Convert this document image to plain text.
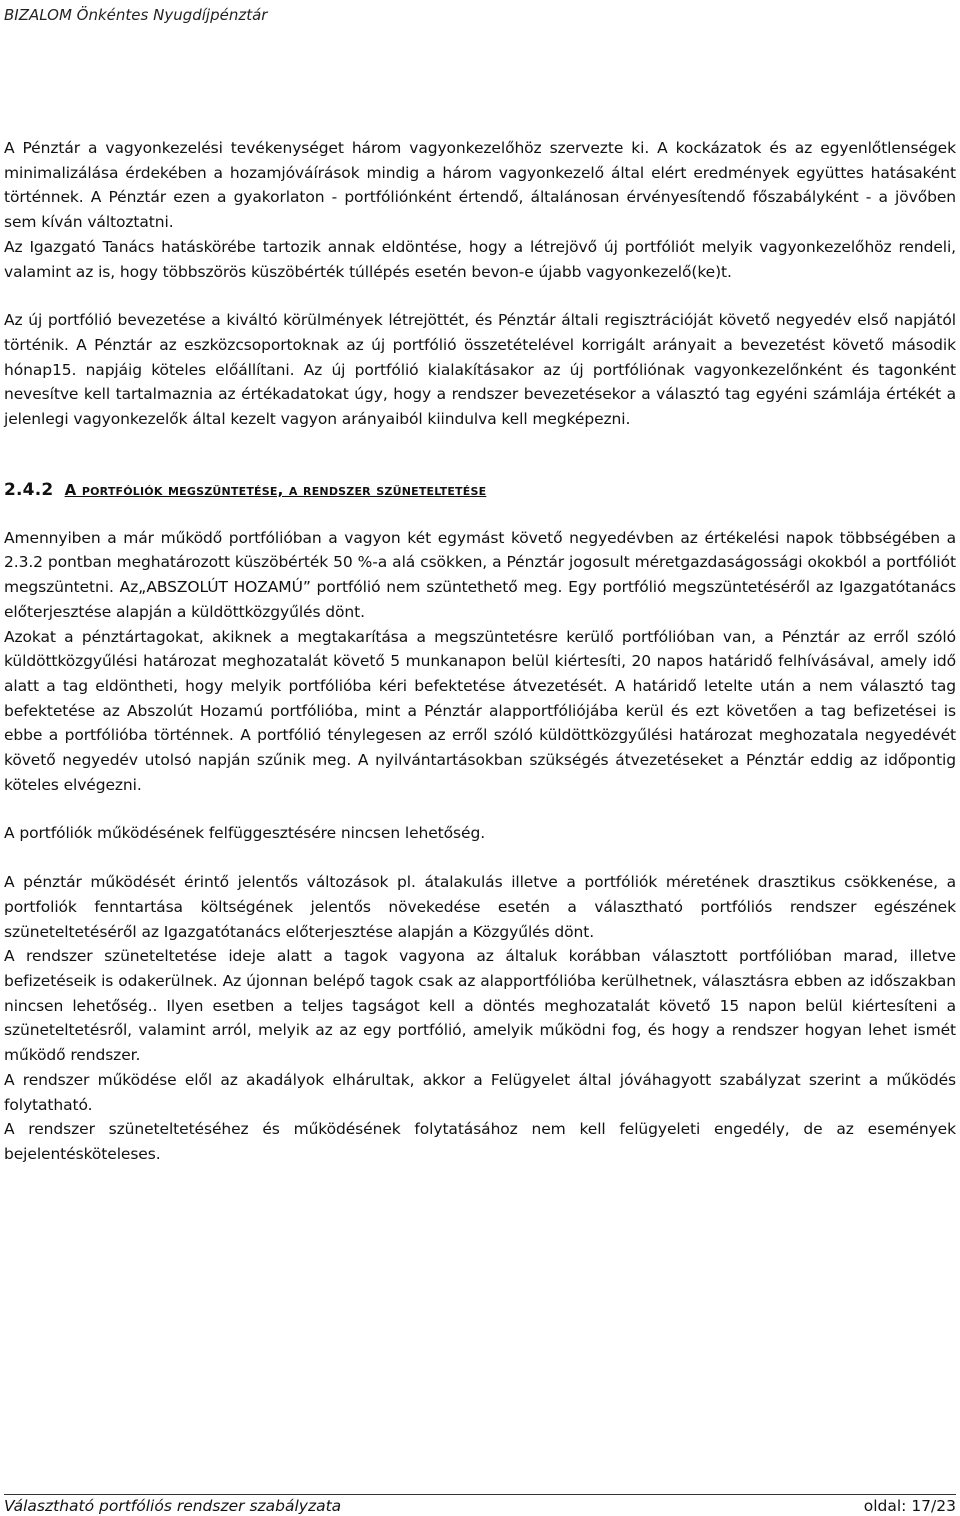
BIZALOM Önkéntes Nyugdíjpénztár

A Pénztár a vagyonkezelési tevékenységet három vagyonkezelőhöz szervezte ki. A kockázatok és az egyenlőtlenségek minimalizálása érdekében a hozamjóváírások mindig a három vagyonkezelő által elért eredmények együttes hatásaként történnek. A Pénztár ezen a gyakorlaton - portfóliónként értendő, általánosan érvényesítendő főszabályként - a jövőben sem kíván változtatni.

Az Igazgató Tanács hatáskörébe tartozik annak eldöntése, hogy a létrejövő új portfóliót melyik vagyonkezelőhöz rendeli, valamint az is, hogy többszörös küszöbérték túllépés esetén bevon-e újabb vagyonkezelő(ke)t.

Az új portfólió bevezetése a kiváltó körülmények létrejöttét, és Pénztár általi regisztrációját követő negyedév első napjától történik. A Pénztár az eszközcsoportoknak az új portfólió összetételével korrigált arányait a bevezetést követő második hónap15. napjáig köteles előállítani. Az új portfólió kialakításakor az új portfóliónak vagyonkezelőnként és tagonként nevesítve kell tartalmaznia az értékadatokat úgy, hogy a rendszer bevezetésekor a választó tag egyéni számlája értékét a jelenlegi vagyonkezelők által kezelt vagyon arányaiból kiindulva kell megképezni.

2.4.2 A portfóliók megszüntetése, a rendszer szüneteltetése

Amennyiben a már működő portfólióban a vagyon két egymást követő negyedévben az értékelési napok többségében a 2.3.2 pontban meghatározott küszöbérték 50 %-a alá csökken, a Pénztár jogosult méretgazdaságossági okokból a portfóliót megszüntetni. Az„ABSZOLÚT HOZAMÚ” portfólió nem szüntethető meg. Egy portfólió megszüntetéséről az Igazgatótanács előterjesztése alapján a küldöttközgyűlés dönt.

Azokat a pénztártagokat, akiknek a megtakarítása a megszüntetésre kerülő portfólióban van, a Pénztár az erről szóló küldöttközgyűlési határozat meghozatalát követő 5 munkanapon belül kiértesíti, 20 napos határidő felhívásával, amely idő alatt a tag eldöntheti, hogy melyik portfólióba kéri befektetése átvezetését. A határidő letelte után a nem választó tag befektetése az Abszolút Hozamú portfólióba, mint a Pénztár alapportfóliójába kerül és ezt követően a tag befizetései is ebbe a portfólióba történnek. A portfólió ténylegesen az erről szóló küldöttközgyűlési határozat meghozatala negyedévét követő negyedév utolsó napján szűnik meg. A nyilvántartásokban szükségés átvezetéseket a Pénztár eddig az időpontig köteles elvégezni.

A portfóliók működésének felfüggesztésére nincsen lehetőség.

A pénztár működését érintő jelentős változások pl. átalakulás illetve a portfóliók méretének drasztikus csökkenése, a portfoliók fenntartása költségének jelentős növekedése esetén a választható portfóliós rendszer egészének szüneteltetéséről az Igazgatótanács előterjesztése alapján a Közgyűlés dönt.

A rendszer szüneteltetése ideje alatt a tagok vagyona az általuk korábban választott portfólióban marad, illetve befizetéseik is odakerülnek. Az újonnan belépő tagok csak az alapportfólióba kerülhetnek, választásra ebben az időszakban nincsen lehetőség.. Ilyen esetben a teljes tagságot kell a döntés meghozatalát követő 15 napon belül kiértesíteni a szüneteltetésről, valamint arról, melyik az az egy portfólió, amelyik működni fog, és hogy a rendszer hogyan lehet ismét működő rendszer.

A rendszer működése elől az akadályok elhárultak, akkor a Felügyelet által jóváhagyott szabályzat szerint a működés folytatható.

A rendszer szüneteltetéséhez és működésének folytatásához nem kell felügyeleti engedély, de az események bejelentésköteleses.

Választható portfóliós rendszer szabályzata	oldal: 17/23
